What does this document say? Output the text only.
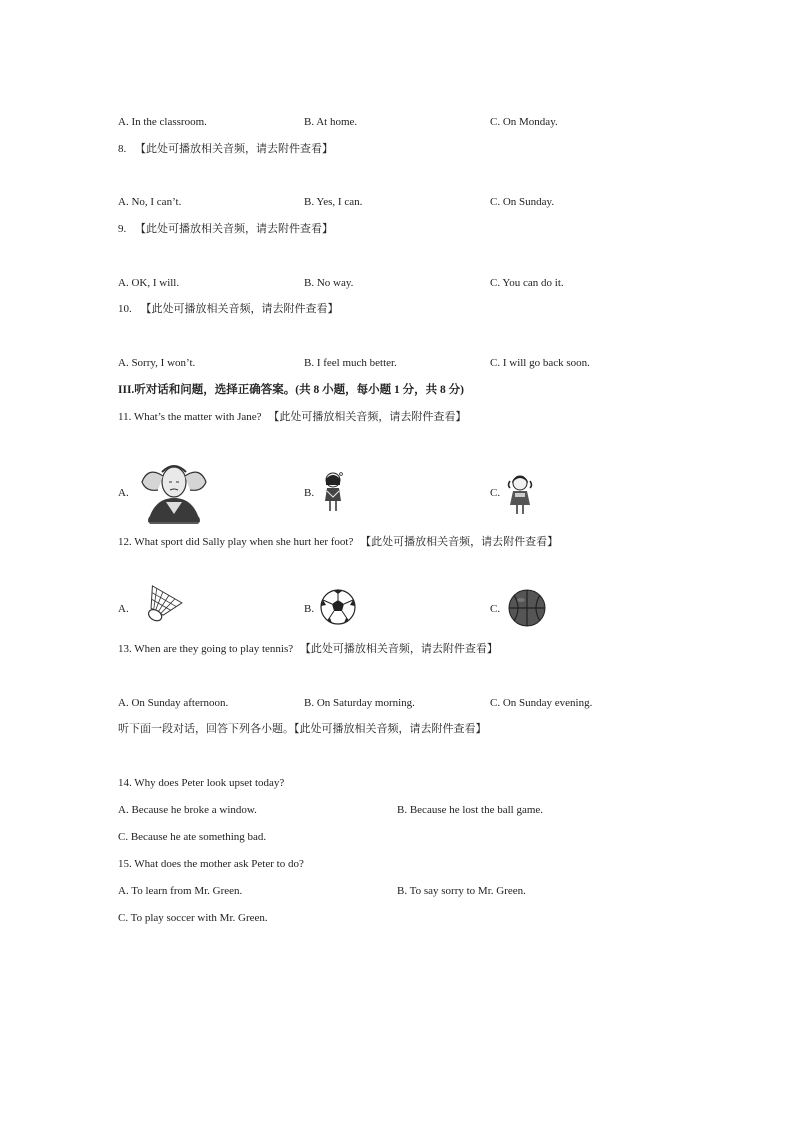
A. In the classroom.	B. At home.	C. On Monday.
8. 【此处可播放相关音频，请去附件查看】
A. No, I can’t.	B. Yes, I can.	C. On Sunday.
9. 【此处可播放相关音频，请去附件查看】
A. OK, I will.	B. No way.	C. You can do it.
10. 【此处可播放相关音频，请去附件查看】
A. Sorry, I won’t.	B. I feel much better.	C. I will go back soon.
III.听对话和问题，选择正确答案。(共 8 小题，每小题 1 分，共 8 分)
11. What’s the matter with Jane? 【此处可播放相关音频，请去附件查看】
A.	B.	C.
12. What sport did Sally play when she hurt her foot? 【此处可播放相关音频，请去附件查看】
A.	B.	C.
13. When are they going to play tennis? 【此处可播放相关音频，请去附件查看】
A. On Sunday afternoon.	B. On Saturday morning.	C. On Sunday evening.
听下面一段对话，回答下列各小题。【此处可播放相关音频，请去附件查看】
14. Why does Peter look upset today?
A. Because he broke a window.	B. Because he lost the ball game.
C. Because he ate something bad.
15. What does the mother ask Peter to do?
A. To learn from Mr. Green.	B. To say sorry to Mr. Green.
C. To play soccer with Mr. Green.
